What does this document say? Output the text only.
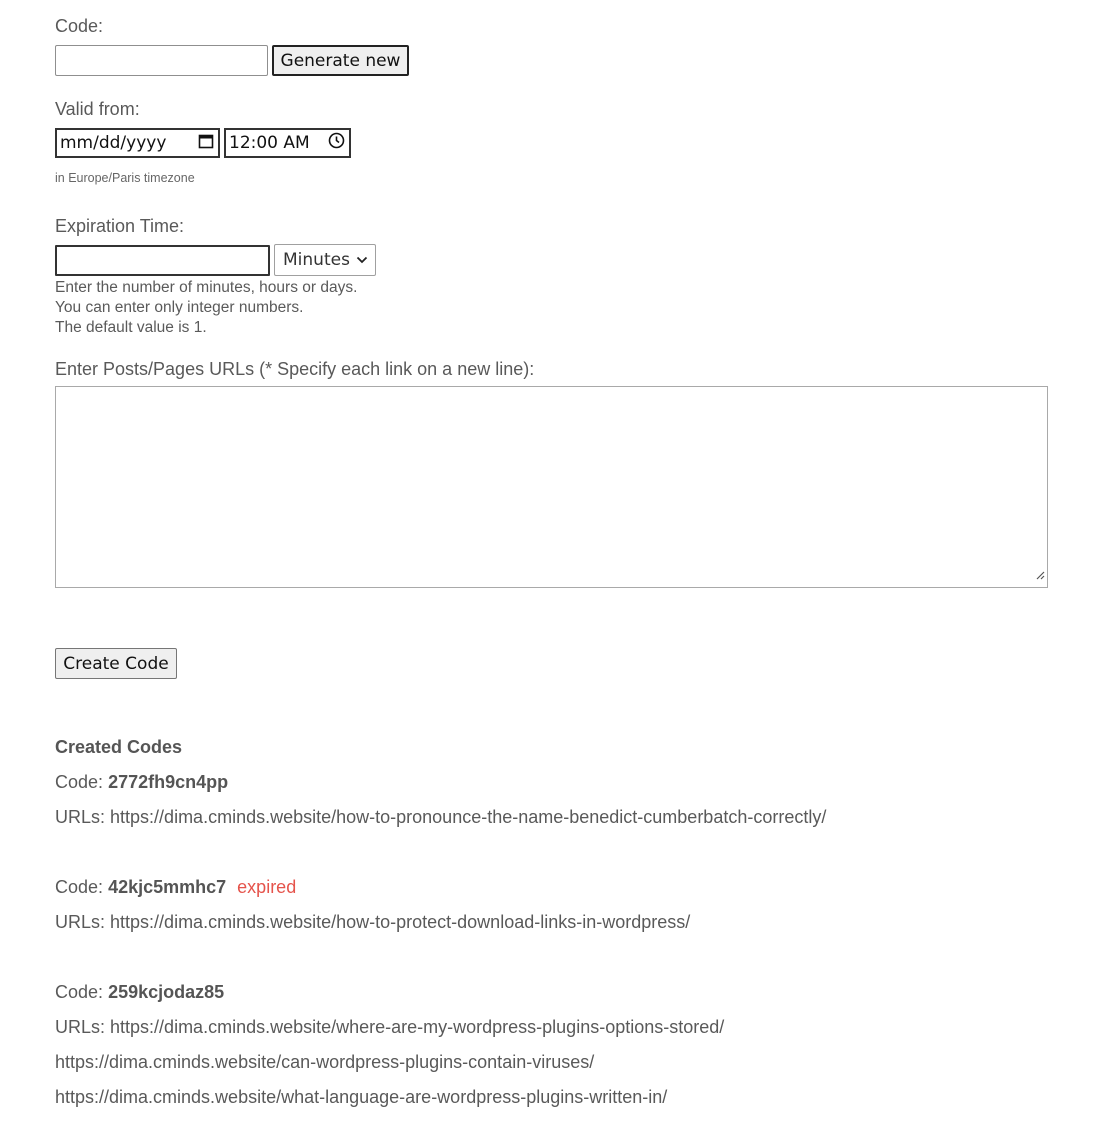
Code:
Generate new
Valid from:
mm/dd/yyyy	12:00 AM
in Europe/Paris timezone
Expiration Time:
Minutes
Enter the number of minutes, hours or days.
You can enter only integer numbers.
The default value is 1.
Enter Posts/Pages URLs (* Specify each link on a new line):
Create Code
Created Codes
Code: 2772fh9cn4pp
URLs: https://dima.cminds.website/how-to-pronounce-the-name-benedict-cumberbatch-correctly/
Code: 42kjc5mmhc7 expired
URLs: https://dima.cminds.website/how-to-protect-download-links-in-wordpress/
Code: 259kcjodaz85
URLs: https://dima.cminds.website/where-are-my-wordpress-plugins-options-stored/
https://dima.cminds.website/can-wordpress-plugins-contain-viruses/
https://dima.cminds.website/what-language-are-wordpress-plugins-written-in/
